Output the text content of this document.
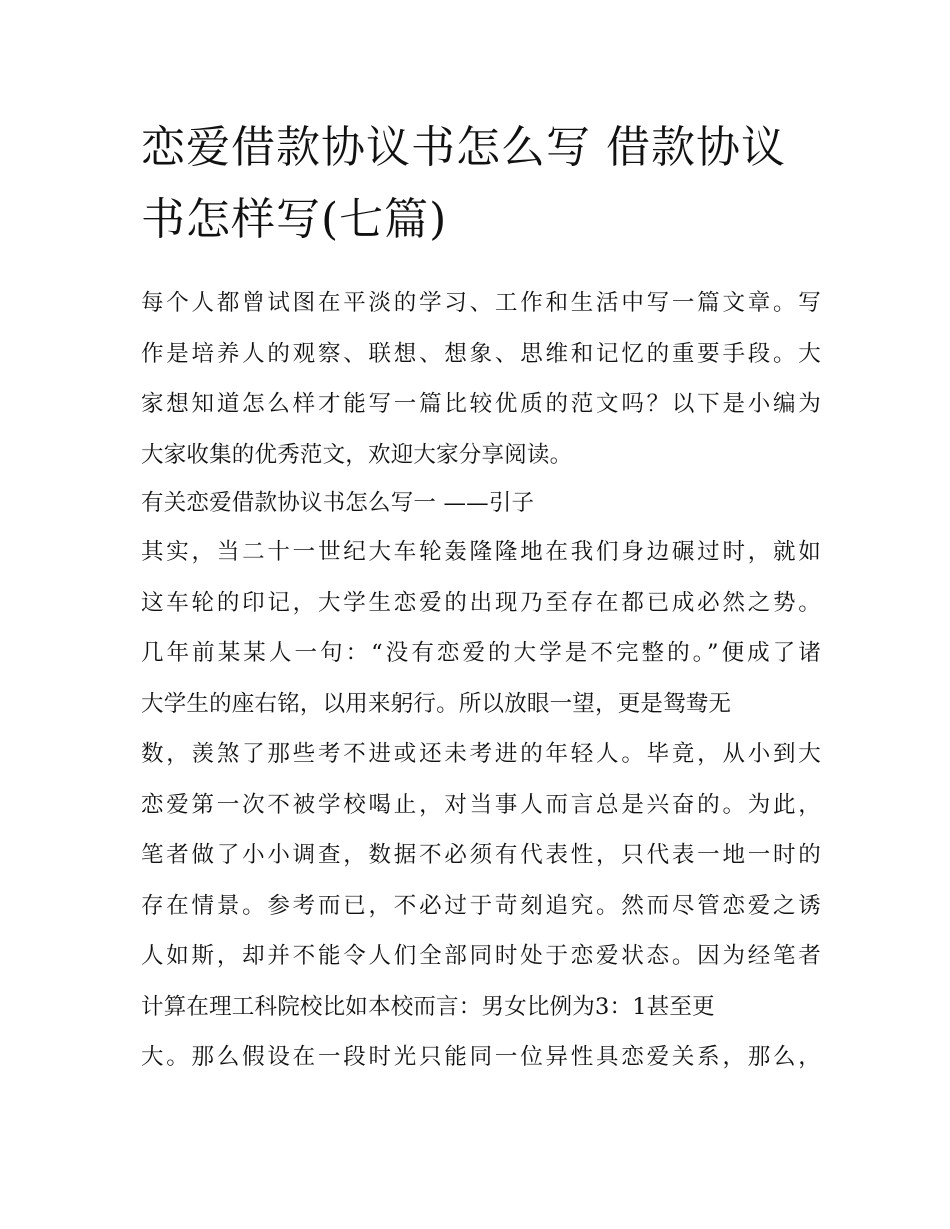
恋爱借款协议书怎么写 借款协议书怎样写(七篇)
每个人都曾试图在平淡的学习、工作和生活中写一篇文章。写
作是培养人的观察、联想、想象、思维和记忆的重要手段。大
家想知道怎么样才能写一篇比较优质的范文吗？以下是小编为
大家收集的优秀范文，欢迎大家分享阅读。
有关恋爱借款协议书怎么写一 ——引子
其实，当二十一世纪大车轮轰隆隆地在我们身边碾过时，就如
这车轮的印记，大学生恋爱的出现乃至存在都已成必然之势。
几年前某某人一句：“没有恋爱的大学是不完整的。”便成了诸
大学生的座右铭，以用来躬行。所以放眼一望，更是鸳鸯无
数，羡煞了那些考不进或还未考进的年轻人。毕竟，从小到大
恋爱第一次不被学校喝止，对当事人而言总是兴奋的。为此，
笔者做了小小调查，数据不必须有代表性，只代表一地一时的
存在情景。参考而已，不必过于苛刻追究。然而尽管恋爱之诱
人如斯，却并不能令人们全部同时处于恋爱状态。因为经笔者
计算在理工科院校比如本校而言：男女比例为3：1甚至更
大。那么假设在一段时光只能同一位异性具恋爱关系，那么，
